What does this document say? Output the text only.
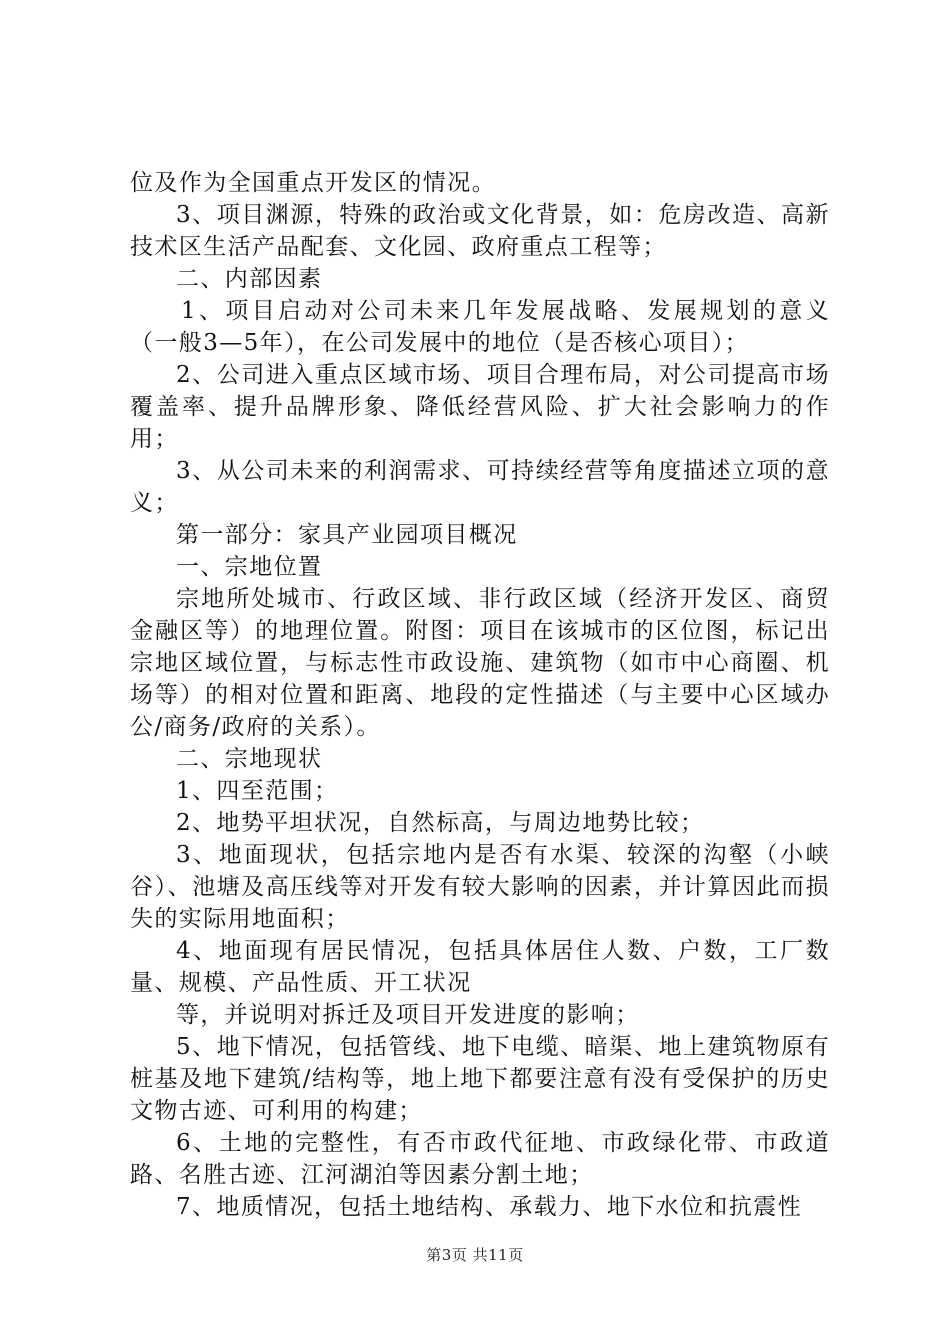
位及作为全国重点开发区的情况。

3、项目渊源，特殊的政治或文化背景，如：危房改造、高新技术区生活产品配套、文化园、政府重点工程等；

二、内部因素

1、项目启动对公司未来几年发展战略、发展规划的意义（一般3—5年），在公司发展中的地位（是否核心项目）；

2、公司进入重点区域市场、项目合理布局，对公司提高市场覆盖率、提升品牌形象、降低经营风险、扩大社会影响力的作用；

3、从公司未来的利润需求、可持续经营等角度描述立项的意义；

第一部分：家具产业园项目概况

一、宗地位置

宗地所处城市、行政区域、非行政区域（经济开发区、商贸金融区等）的地理位置。附图：项目在该城市的区位图，标记出宗地区域位置，与标志性市政设施、建筑物（如市中心商圈、机场等）的相对位置和距离、地段的定性描述（与主要中心区域办公/商务/政府的关系）。

二、宗地现状

1、四至范围；

2、地势平坦状况，自然标高，与周边地势比较；

3、地面现状，包括宗地内是否有水渠、较深的沟壑（小峡谷）、池塘及高压线等对开发有较大影响的因素，并计算因此而损失的实际用地面积；

4、地面现有居民情况，包括具体居住人数、户数，工厂数量、规模、产品性质、开工状况

等，并说明对拆迁及项目开发进度的影响；

5、地下情况，包括管线、地下电缆、暗渠、地上建筑物原有桩基及地下建筑/结构等，地上地下都要注意有没有受保护的历史文物古迹、可利用的构建；

6、土地的完整性，有否市政代征地、市政绿化带、市政道路、名胜古迹、江河湖泊等因素分割土地；

7、地质情况，包括土地结构、承载力、地下水位和抗震性

第3页 共11页
